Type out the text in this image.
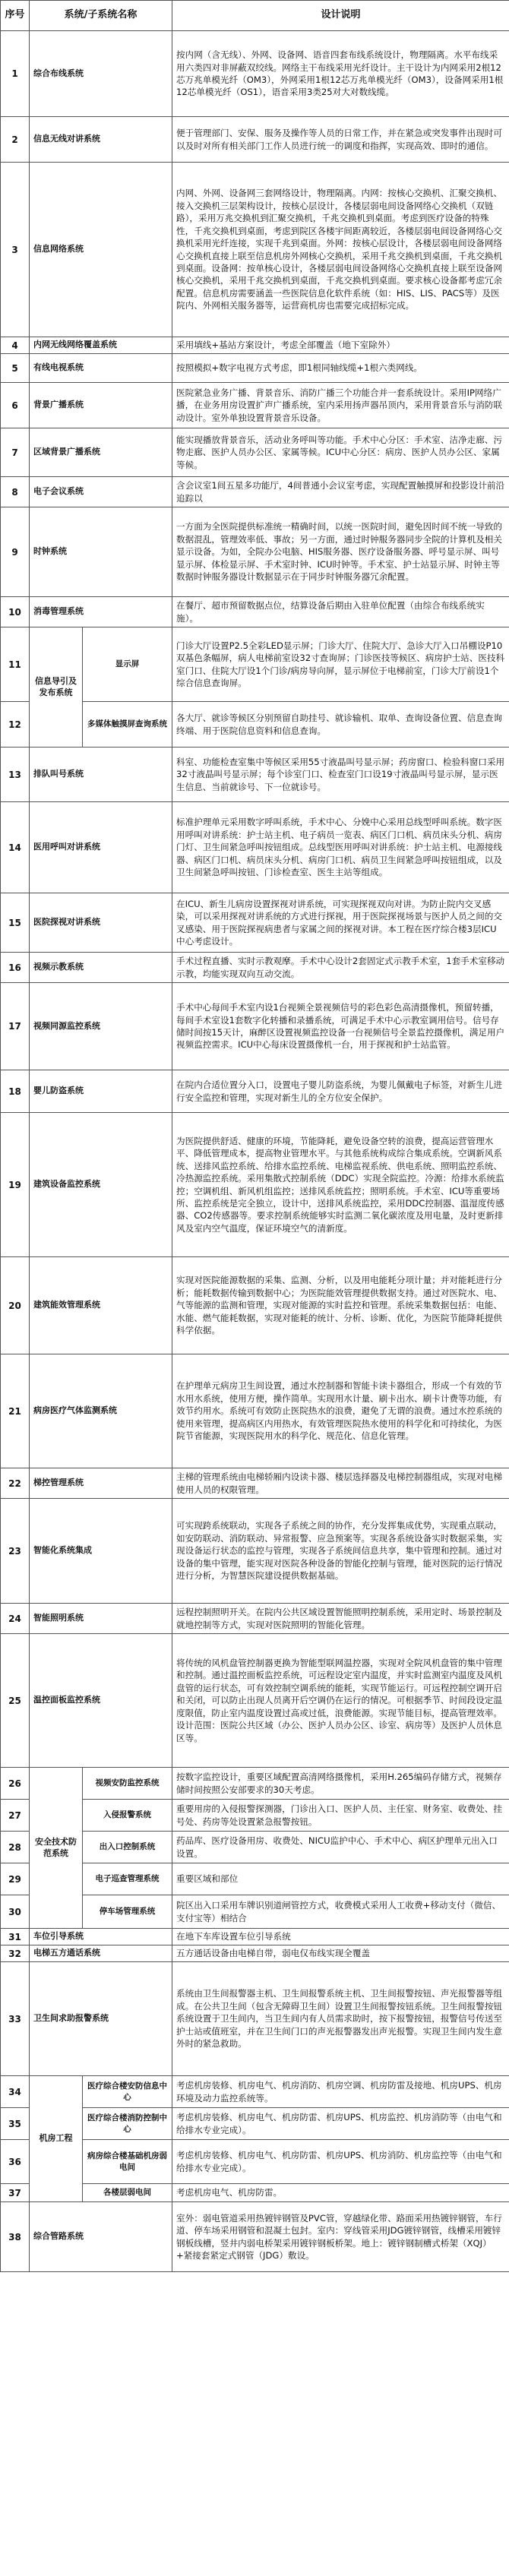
序号	系统/子系统名称		设计说明
1	综合布线系统		按内网（含无线）、外网、设备网、语音四套布线系统设计，物理隔离。水平布线采用六类四对非屏蔽双绞线。网络主干布线采用光纤设计。主干设计为内网采用2根12芯万兆单模光纤（OM3），外网采用1根12芯万兆单模光纤（OM3），设备网采用1根12芯单模光纤（OS1），语音采用3类25对大对数线缆。
2	信息无线对讲系统		便于管理部门、安保、服务及操作等人员的日常工作，并在紧急或突发事件出现时可以及时对所有相关部门工作人员进行统一的调度和指挥，实现高效、即时的通信。
3	信息网络系统		内网、外网、设备网三套网络设计，物理隔离。内网：按核心交换机、汇聚交换机、接入交换机三层架构设计，按核心层设计，各楼层弱电间设备网络心交换机（双链路），采用万兆交换机到汇聚交换机，千兆交换机到桌面。考虑到医疗设备的特殊性，千兆交换机到桌面，考虑到院区各楼宇间距离较近，各楼层弱电间设备网络心交换机采用光纤连接，实现千兆到桌面。外网：按核心层设计，各楼层弱电间设备网络心交换机直接上联至信息机房外网核心交换机，采用千兆交换机到桌面，千兆交换机到桌面。设备网：按单核心设计，各楼层弱电间设备网络心交换机直接上联至设备网核心交换机，采用千兆交换机到桌面，千兆交换机到桌面。要求核心设备都考虑冗余配置。信息机房需要涵盖一些医院信息化软件系统（如：HIS、LIS、PACS等）及医院内、外网相关服务器等，运营商机房也需要完成招标完成。
4	内网无线网络覆盖系统		采用填线+基站方案设计，考虑全部覆盖（地下室除外）
5	有线电视系统		按照模拟+数字电视方式考虑，即1根同轴线缆+1根六类网线。
6	背景广播系统		医院紧急业务广播、背景音乐、消防广播三个功能合并一套系统设计。采用IP网络广播，在业务用房设置扩声广播系统，室内采用扬声器吊顶内，采用背景音乐与消防联动设计。室外单独设置背景音乐设备。
7	区域背景广播系统		能实现播放背景音乐，活动业务呼叫等功能。手术中心分区：手术室、洁净走廊、污物走廊、医护人员办公区、家属等候。ICU中心分区：病房、医护人员办公区、家属等候。
8	电子会议系统		含会议室1间五星多功能厅，4间普通小会议室考虑，实现配置触摸屏和投影设计前沿追踪以
9	时钟系统		一方面为全医院提供标准统一精确时间，以统一医院时间，避免因时间不统一导致的数据混乱，管理效率低、事故；另一方面，通过时钟服务器同步全院的计算机及相关显示设备。为如，全院办公电脑、HIS服务器、医疗设备服务器、呼号显示屏、叫号显示屏、体检显示屏、手术室时钟、ICU时钟等。手术室、护士站显示屏、时钟主等数据时钟服务器设计数据显示在于同步时钟服务器冗余配置。
10	消毒管理系统		在餐厅、超市预留数据点位，结算设备后期由入驻单位配置（由综合布线系统实施）。
11	信息导引及发布系统	显示屏	门诊大厅设置P2.5全彩LED显示屏；门诊大厅、住院大厅、急诊大厅入口吊棚设P10双基色条幅屏，病人电梯前室设32寸查询屏；门诊医技等候区、病房护士站、医技科室门口、住院大厅设1个门诊/病房导向屏，显示屏位于电梯前室，门诊大厅前设1个综合信息查询屏。
12		多媒体触摸屏查询系统	各大厅、就诊等候区分别预留自助挂号、就诊输机、取单、查询设备位置、信息查询终端、用于医院信息资料和信息查询。
13	排队叫号系统		科室、功能检查室集中等候区采用55寸液晶叫号显示屏；药房窗口、检验科窗口采用32寸液晶叫号显示屏；每个诊室门口、检查室门口设19寸液晶叫号显示屏，显示医生信息、当前就诊号、下一位就诊号。
14	医用呼叫对讲系统		标准护理单元采用数字呼叫系统，手术中心、分娩中心采用总线型呼叫系统。数字医用呼叫对讲系统：护士站主机、电子病员一览表、病区门口机、病员床头分机、病房门灯、卫生间紧急呼叫按钮组成。总线型医用呼叫对讲系统：护士站主机、电源接线器、病区门口机、病员床头分机、病房门口机、病员卫生间紧急呼叫按钮组成，以及卫生间紧急呼叫按钮、门诊检查室、医生主站等组成。
15	医院探视对讲系统		在ICU、新生儿病房设置探视对讲系统，可实现探视双向对讲。为防止院内交叉感染，可以采用探视对讲系统的方式进行探视，用于医院探视场景与医护人员之间的交叉感染、用于医院探视病患者与家属之间的探视对讲。本工程在医疗综合楼3层ICU中心考虑设计。
16	视频示教系统		手术过程直播、实时示教观摩。手术中心设计2套固定式示教手术室，1套手术室移动示教，均能实现双向互动交流。
17	视频同源监控系统		手术中心每间手术室内设1台视频全景视频信号的彩色彩色高清摄像机，预留转播，每间手术室设1套数字化转播和录播系统，可满足手术中心示教室调用信号。信号存储时间按15天计，麻醉区设置视频监控设备一台视频信号全景监控摄像机，满足用户视频监控需求。ICU中心每床设置摄像机一台，用于探视和护士站监管。
18	婴儿防盗系统		在院内合适位置分入口，设置电子婴儿防盗系统，为婴儿佩戴电子标签，对新生儿进行安全监控和管理，实现对新生儿的全方位安全保护。
19	建筑设备监控系统		为医院提供舒适、健康的环境，节能降耗，避免设备空转的浪费，提高运营管理水平、降低管理成本，提高物业管理水平。与其他系统构成综合集成系统。空调新风系统、送排风监控系统、给排水监控系统、电梯监视系统、供电系统、照明监控系统、冷热源监控系统。采用集散式控制系统（DDC）实现全院监控。冷源：给排水系统监控；空调机组、新风机组监控；送排风系统监控；照明系统。手术室、ICU等重要场所、监控系统是完全独立，设计中，送排风系统监控，采用DDC控制器、温湿度传感器、CO2传感器等。要求控制系统能够实时监测二氧化碳浓度及用电量，及时更新排风及室内空气温度，保证环境空气的清新度。
20	建筑能效管理系统		实现对医院能源数据的采集、监测、分析，以及用电能耗分项计量；并对能耗进行分析；能耗数据传输到数据中心；为医院能效管理提供数据支持。通过对医院水、电、气等能源的监测和管理，实现对能源的实时监控和管理。系统采集数据包括：电能、水能、燃气能耗数据，实现对能耗的统计、分析、诊断、优化，为医院节能降耗提供科学依据。
21	病房医疗气体监测系统		在护理单元病房卫生间设置，通过水控制器和智能卡读卡器组合，形成一个有效的节水用水系统，使用方便，操作简单。实现用水计量、刷卡出水、刷卡计费等功能，有效节约用水。系统可有效防止医院热水的浪费，避免了无谓的浪费。通过水控系统的使用来管理，提高病区内用热水，有效管理医院热水使用的科学化和可持续化，为医院节省能源，实现医院用水的科学化、规范化、信息化管理。
22	梯控管理系统		主梯的管理系统由电梯轿厢内设读卡器、楼层选择器及电梯控制器组成，实现对电梯使用人员的权限管理。
23	智能化系统集成		可实现跨系统联动，实现各子系统之间的协作，充分发挥集成优势，实现重点联动，如安防联动、消防联动、异常报警、应急预案等。实现各系统设备实时数据采集，实现设备运行状态的监控与管理，实现各子系统间信息共享，集中管理和控制。通过对设备的集中管理，能实现对医院各种设备的智能化控制与管理，能对医院的运行情况进行分析，为智慧医院建设提供数据基础。
24	智能照明系统		远程控制照明开关。在院内公共区域设置智能照明控制系统，采用定时、场景控制及就地控制等方式，实现对医院照明的智能化管理。
25	温控面板监控系统		将传统的风机盘管控制器更换为智能型联网温控器，实现对全院风机盘管的集中管理和控制。通过温控面板监控系统，可远程设定室内温度，并实时监测室内温度及风机盘管的运行状态，可有效控制空调系统的能耗，实现节能运行。可远程控制空调开启和关闭，可以防止出现人员离开后空调仍在运行的情况。可根据季节、时间段设定温度限值，防止室内温度设置过高或过低，浪费能源。实现节能目标，提高管理效率。设计范围：医院公共区域（办公、医护人员办公区、诊室、病房等）及医护人员休息区等。
26	安全技术防范系统	视频安防监控系统	按数字监控设计，重要区域配置高清网络摄像机，采用H.265编码存储方式，视频存储时间按照公安部要求的30天考虑。
27		入侵报警系统	重要用房的入侵报警探测器，门诊出入口、医护人员、主任室、财务室、收费处、挂号处、药房等处设置紧急报警按钮。
28		出入口控制系统	药品库、医疗设备用房、收费处、NICU监护中心、手术中心、病区护理单元出入口设置。
29		电子巡查管理系统	重要区域和部位
30		停车场管理系统	院区出入口采用车牌识别道闸管控方式，收费模式采用人工收费+移动支付（微信、支付宝等）相结合
31	车位引导系统		在地下车库设置车位引导系统
32	电梯五方通话系统		五方通话设备由电梯自带，弱电仅布线实现全覆盖
33	卫生间求助报警系统		系统由卫生间报警器主机、卫生间报警系统主机、卫生间报警按钮、声光报警器等组成。在公共卫生间（包含无障碍卫生间）设置卫生间报警按钮系统。卫生间报警按钮系统设置于卫生间内，当卫生间内有人员需求助时，按下报警按钮，报警信号传送至护士站或值班室，并在卫生间门口的声光报警器发出声光报警。实现卫生间内发生意外时的紧急救助。
34	机房工程	医疗综合楼安防信息中心	考虑机房装修、机房电气、机房消防、机房空调、机房防雷及接地、机房UPS、机房环境及动力监控系统等。
35		医疗综合楼消防控制中心	考虑机房装修、机房电气、机房防雷、机房UPS、机房监控、机房消防等（由电气和给排水专业完成）。
36		病房综合楼基础机房弱电间	考虑机房装修、机房电气、机房防雷、机房UPS、机房消防、机房监控等（由电气和给排水专业完成）。
37		各楼层弱电间	考虑机房电气、机房防雷。
38	综合管路系统		室外：弱电管道采用热镀锌钢管及PVC管，穿越绿化带、路面采用热镀锌钢管，车行道、停车场采用钢管和混凝土包封。室内：穿线管采用JDG镀锌钢管，线槽采用镀锌钢板线槽，竖井内弱电桥架采用镀锌钢板桥架。地上：镀锌钢制槽式桥架（XQJ）+紧接套紧定式钢管（JDG）敷设。
